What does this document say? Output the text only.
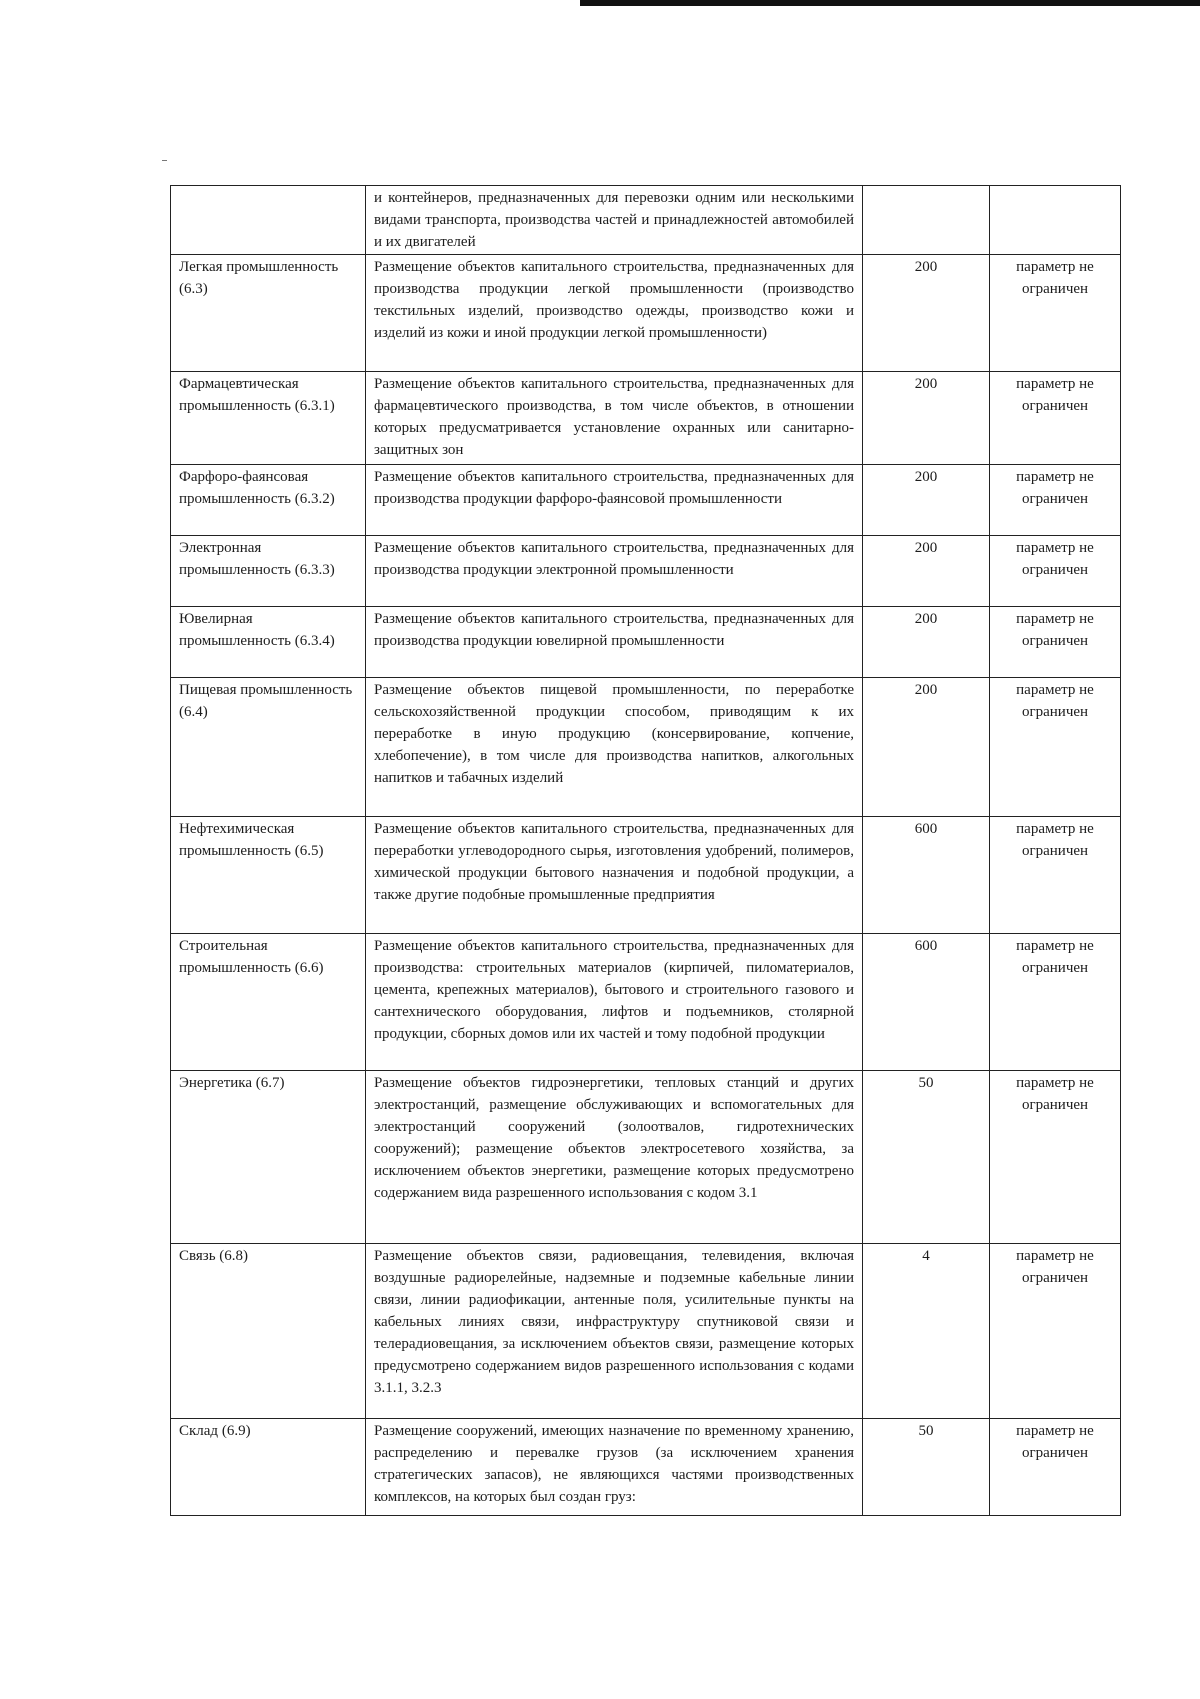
	и контейнеров, предназначенных для перевозки одним или несколькими видами транспорта, производства частей и принадлежностей автомобилей и их двигателей		
Легкая промышленность (6.3)	Размещение объектов капитального строительства, предназначенных для производства продукции легкой промышленности (производство текстильных изделий, производство одежды, производство кожи и изделий из кожи и иной продукции легкой промышленности)	200	параметр не ограничен
Фармацевтическая промышленность (6.3.1)	Размещение объектов капитального строительства, предназначенных для фармацевтического производства, в том числе объектов, в отношении которых предусматривается установление охранных или санитарно-защитных зон	200	параметр не ограничен
Фарфоро-фаянсовая промышленность (6.3.2)	Размещение объектов капитального строительства, предназначенных для производства продукции фарфоро-фаянсовой промышленности	200	параметр не ограничен
Электронная промышленность (6.3.3)	Размещение объектов капитального строительства, предназначенных для производства продукции электронной промышленности	200	параметр не ограничен
Ювелирная промышленность (6.3.4)	Размещение объектов капитального строительства, предназначенных для производства продукции ювелирной промышленности	200	параметр не ограничен
Пищевая промышленность (6.4)	Размещение объектов пищевой промышленности, по переработке сельскохозяйственной продукции способом, приводящим к их переработке в иную продукцию (консервирование, копчение, хлебопечение), в том числе для производства напитков, алкогольных напитков и табачных изделий	200	параметр не ограничен
Нефтехимическая промышленность (6.5)	Размещение объектов капитального строительства, предназначенных для переработки углеводородного сырья, изготовления удобрений, полимеров, химической продукции бытового назначения и подобной продукции, а также другие подобные промышленные предприятия	600	параметр не ограничен
Строительная промышленность (6.6)	Размещение объектов капитального строительства, предназначенных для производства: строительных материалов (кирпичей, пиломатериалов, цемента, крепежных материалов), бытового и строительного газового и сантехнического оборудования, лифтов и подъемников, столярной продукции, сборных домов или их частей и тому подобной продукции	600	параметр не ограничен
Энергетика (6.7)	Размещение объектов гидроэнергетики, тепловых станций и других электростанций, размещение обслуживающих и вспомогательных для электростанций сооружений (золоотвалов, гидротехнических сооружений); размещение объектов электросетевого хозяйства, за исключением объектов энергетики, размещение которых предусмотрено содержанием вида разрешенного использования с кодом 3.1	50	параметр не ограничен
Связь (6.8)	Размещение объектов связи, радиовещания, телевидения, включая воздушные радиорелейные, надземные и подземные кабельные линии связи, линии радиофикации, антенные поля, усилительные пункты на кабельных линиях связи, инфраструктуру спутниковой связи и телерадиовещания, за исключением объектов связи, размещение которых предусмотрено содержанием видов разрешенного использования с кодами 3.1.1, 3.2.3	4	параметр не ограничен
Склад (6.9)	Размещение сооружений, имеющих назначение по временному хранению, распределению и перевалке грузов (за исключением хранения стратегических запасов), не являющихся частями производственных комплексов, на которых был создан груз:	50	параметр не ограничен
